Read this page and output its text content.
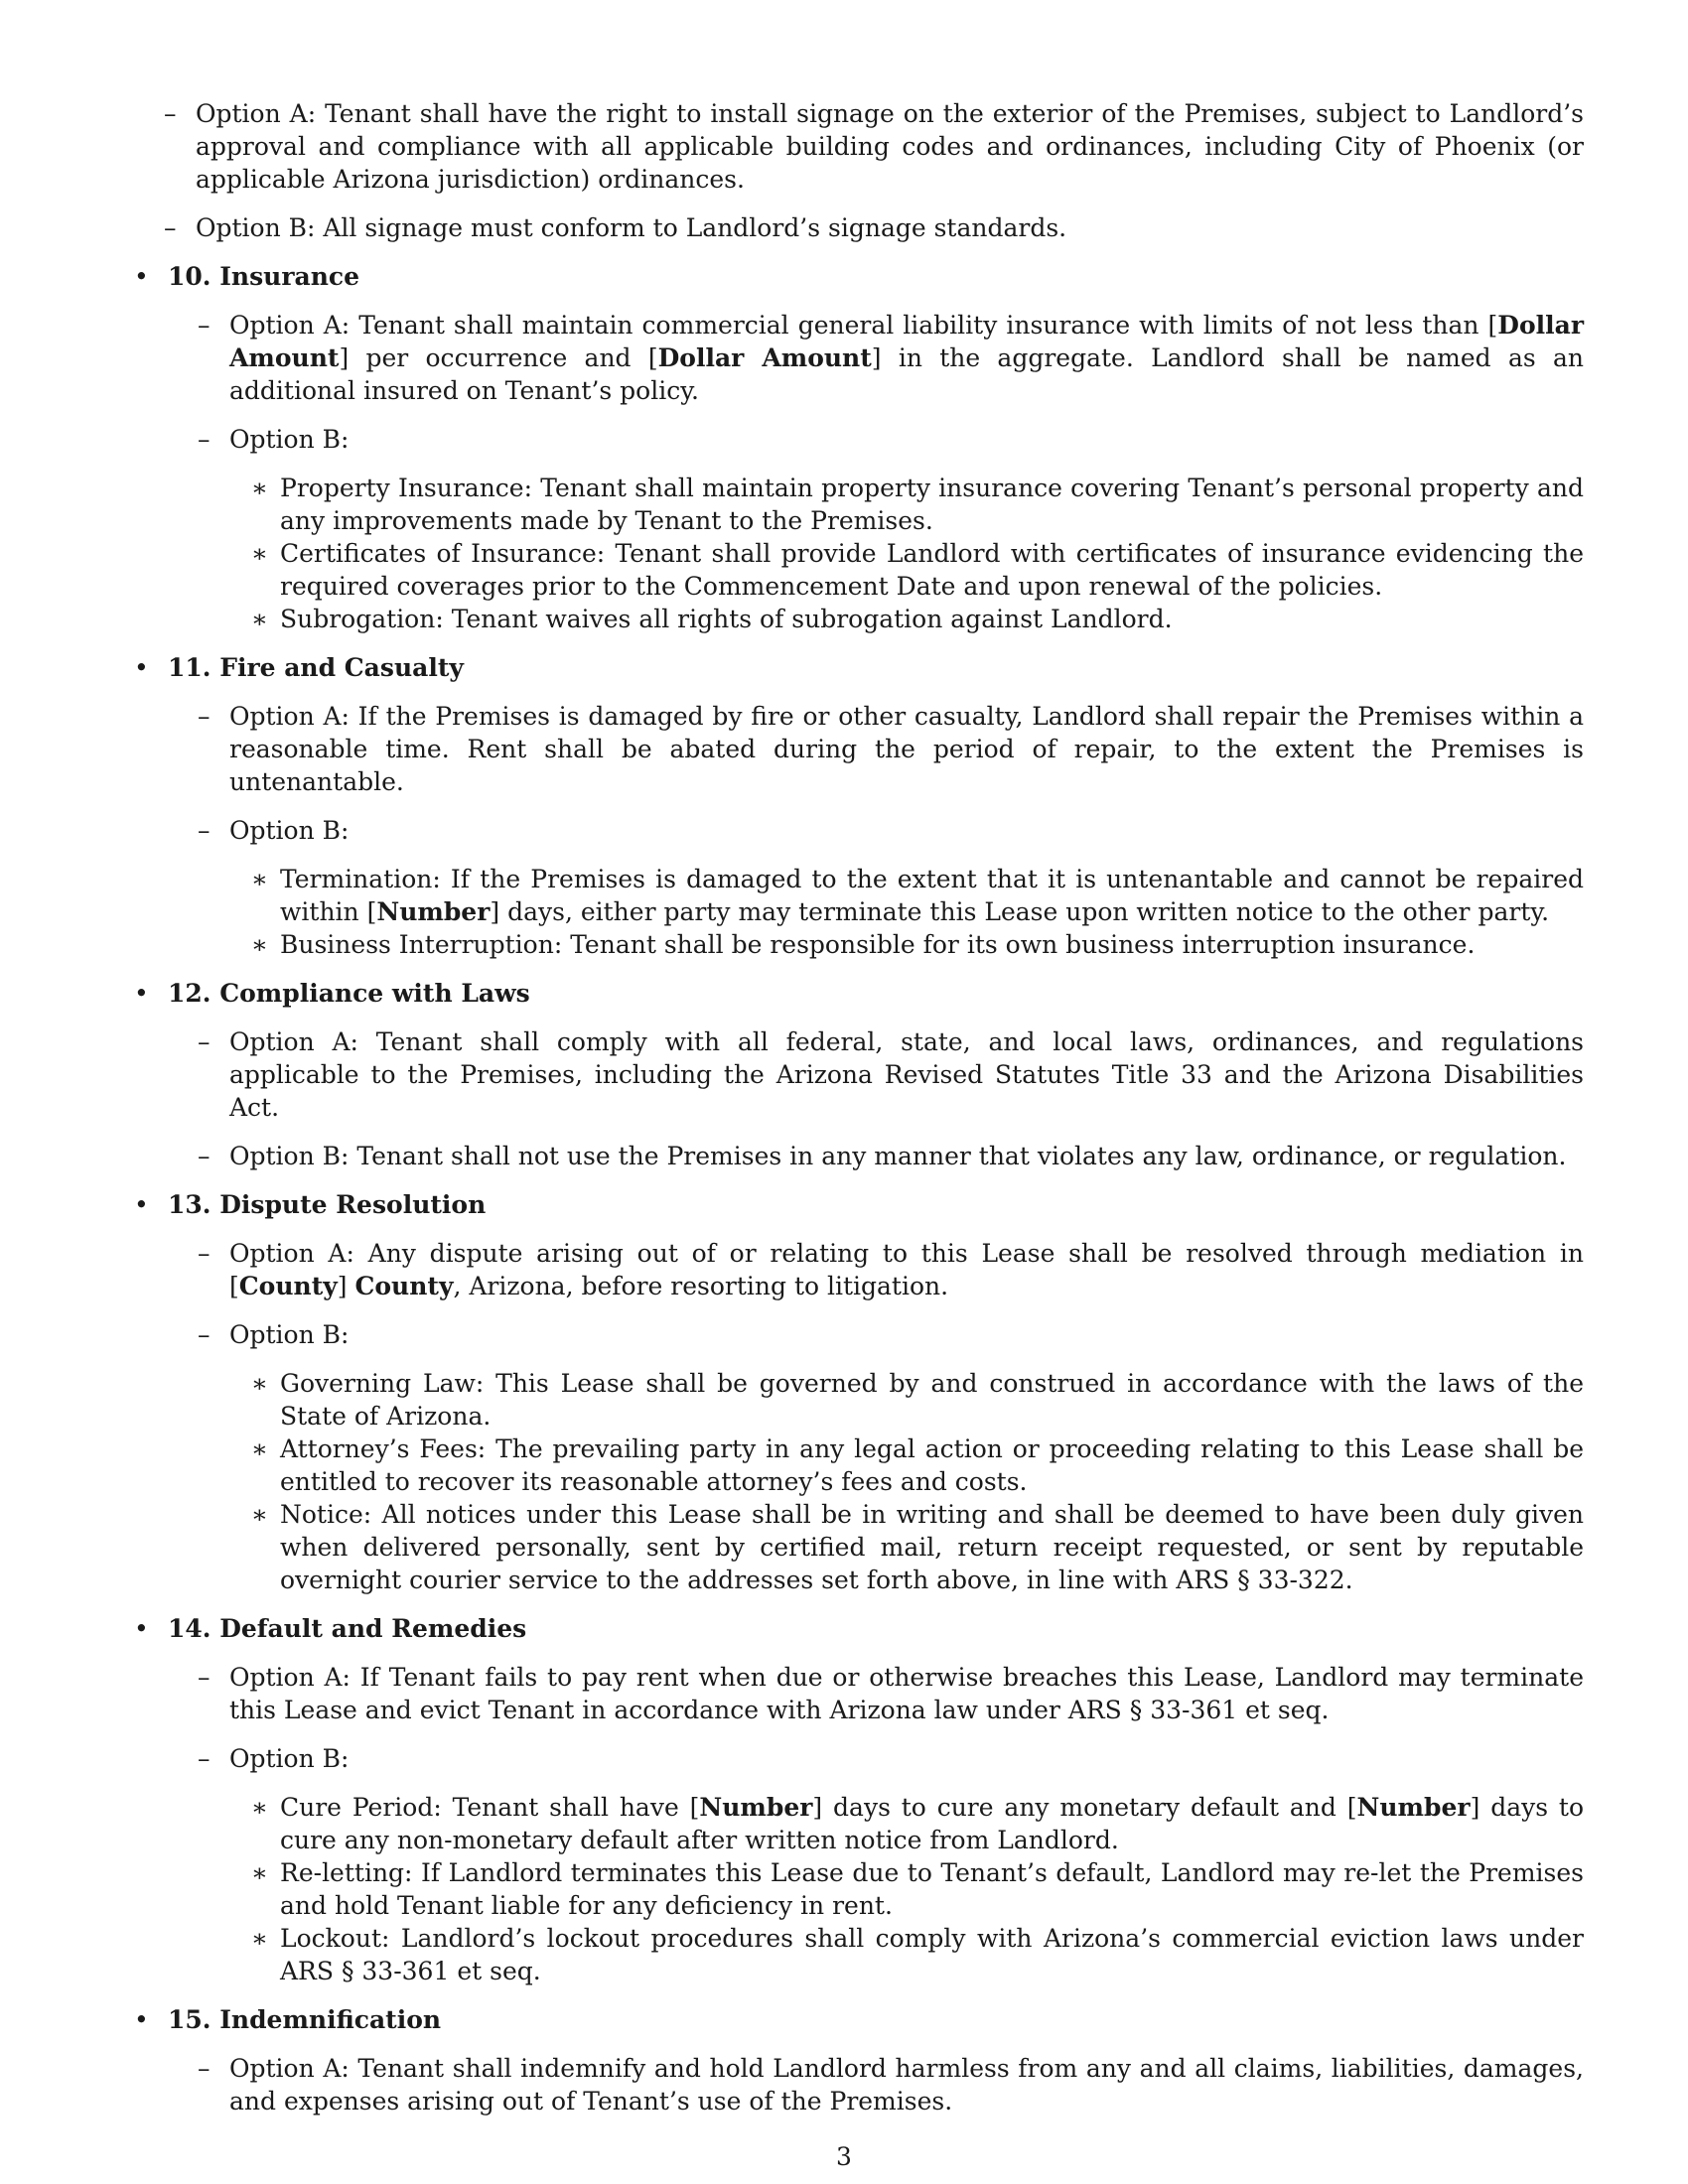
– Option A: Tenant shall have the right to install signage on the exterior of the Premises, subject to Landlord’s approval and compliance with all applicable building codes and ordinances, including City of Phoenix (or applicable Arizona jurisdiction) ordinances.
– Option B: All signage must conform to Landlord’s signage standards.
• 10. Insurance
– Option A: Tenant shall maintain commercial general liability insurance with limits of not less than [Dollar Amount] per occurrence and [Dollar Amount] in the aggregate. Landlord shall be named as an additional insured on Tenant’s policy.
– Option B:
∗ Property Insurance: Tenant shall maintain property insurance covering Tenant’s personal property and any improvements made by Tenant to the Premises.
∗ Certificates of Insurance: Tenant shall provide Landlord with certificates of insurance evidencing the required coverages prior to the Commencement Date and upon renewal of the policies.
∗ Subrogation: Tenant waives all rights of subrogation against Landlord.
• 11. Fire and Casualty
– Option A: If the Premises is damaged by fire or other casualty, Landlord shall repair the Premises within a reasonable time. Rent shall be abated during the period of repair, to the extent the Premises is untenantable.
– Option B:
∗ Termination: If the Premises is damaged to the extent that it is untenantable and cannot be repaired within [Number] days, either party may terminate this Lease upon written notice to the other party.
∗ Business Interruption: Tenant shall be responsible for its own business interruption insurance.
• 12. Compliance with Laws
– Option A: Tenant shall comply with all federal, state, and local laws, ordinances, and regulations applicable to the Premises, including the Arizona Revised Statutes Title 33 and the Arizona Disabilities Act.
– Option B: Tenant shall not use the Premises in any manner that violates any law, ordinance, or regulation.
• 13. Dispute Resolution
– Option A: Any dispute arising out of or relating to this Lease shall be resolved through mediation in [County] County, Arizona, before resorting to litigation.
– Option B:
∗ Governing Law: This Lease shall be governed by and construed in accordance with the laws of the State of Arizona.
∗ Attorney’s Fees: The prevailing party in any legal action or proceeding relating to this Lease shall be entitled to recover its reasonable attorney’s fees and costs.
∗ Notice: All notices under this Lease shall be in writing and shall be deemed to have been duly given when delivered personally, sent by certified mail, return receipt requested, or sent by reputable overnight courier service to the addresses set forth above, in line with ARS § 33-322.
• 14. Default and Remedies
– Option A: If Tenant fails to pay rent when due or otherwise breaches this Lease, Landlord may terminate this Lease and evict Tenant in accordance with Arizona law under ARS § 33-361 et seq.
– Option B:
∗ Cure Period: Tenant shall have [Number] days to cure any monetary default and [Number] days to cure any non-monetary default after written notice from Landlord.
∗ Re-letting: If Landlord terminates this Lease due to Tenant’s default, Landlord may re-let the Premises and hold Tenant liable for any deficiency in rent.
∗ Lockout: Landlord’s lockout procedures shall comply with Arizona’s commercial eviction laws under ARS § 33-361 et seq.
• 15. Indemnification
– Option A: Tenant shall indemnify and hold Landlord harmless from any and all claims, liabilities, damages, and expenses arising out of Tenant’s use of the Premises.
3
